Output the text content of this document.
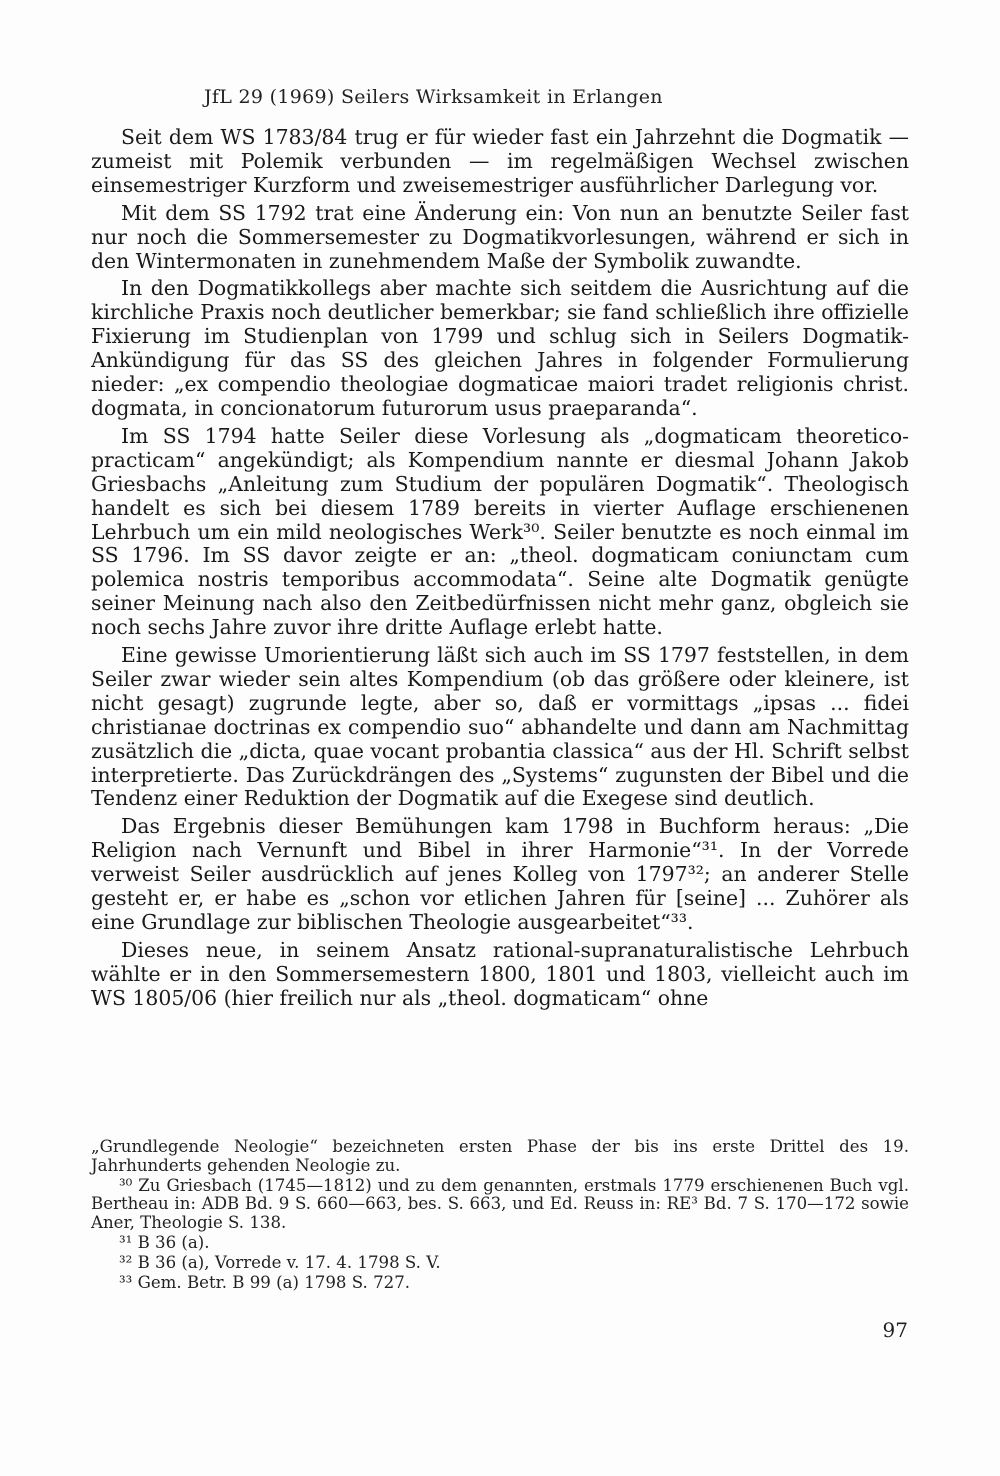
JfL 29 (1969) Seilers Wirksamkeit in Erlangen

Seit dem WS 1783/84 trug er für wieder fast ein Jahrzehnt die Dogmatik — zumeist mit Polemik verbunden — im regelmäßigen Wechsel zwischen einsemestriger Kurzform und zweisemestriger ausführlicher Darlegung vor.

Mit dem SS 1792 trat eine Änderung ein: Von nun an benutzte Seiler fast nur noch die Sommersemester zu Dogmatikvorlesungen, während er sich in den Wintermonaten in zunehmendem Maße der Symbolik zuwandte.

In den Dogmatikkollegs aber machte sich seitdem die Ausrichtung auf die kirchliche Praxis noch deutlicher bemerkbar; sie fand schließlich ihre offizielle Fixierung im Studienplan von 1799 und schlug sich in Seilers Dogmatik-Ankündigung für das SS des gleichen Jahres in folgender Formulierung nieder: „ex compendio theologiae dogmaticae maiori tradet religionis christ. dogmata, in concionatorum futurorum usus praeparanda“.

Im SS 1794 hatte Seiler diese Vorlesung als „dogmaticam theoretico-practicam“ angekündigt; als Kompendium nannte er diesmal Johann Jakob Griesbachs „Anleitung zum Studium der populären Dogmatik“. Theologisch handelt es sich bei diesem 1789 bereits in vierter Auflage erschienenen Lehrbuch um ein mild neologisches Werk³⁰. Seiler benutzte es noch einmal im SS 1796. Im SS davor zeigte er an: „theol. dogmaticam coniunctam cum polemica nostris temporibus accommodata“. Seine alte Dogmatik genügte seiner Meinung nach also den Zeitbedürfnissen nicht mehr ganz, obgleich sie noch sechs Jahre zuvor ihre dritte Auflage erlebt hatte.

Eine gewisse Umorientierung läßt sich auch im SS 1797 feststellen, in dem Seiler zwar wieder sein altes Kompendium (ob das größere oder kleinere, ist nicht gesagt) zugrunde legte, aber so, daß er vormittags „ipsas ... fidei christianae doctrinas ex compendio suo“ abhandelte und dann am Nachmittag zusätzlich die „dicta, quae vocant probantia classica“ aus der Hl. Schrift selbst interpretierte. Das Zurückdrängen des „Systems“ zugunsten der Bibel und die Tendenz einer Reduktion der Dogmatik auf die Exegese sind deutlich.

Das Ergebnis dieser Bemühungen kam 1798 in Buchform heraus: „Die Religion nach Vernunft und Bibel in ihrer Harmonie“³¹. In der Vorrede verweist Seiler ausdrücklich auf jenes Kolleg von 1797³²; an anderer Stelle gesteht er, er habe es „schon vor etlichen Jahren für [seine] ... Zuhörer als eine Grundlage zur biblischen Theologie ausgearbeitet“³³.

Dieses neue, in seinem Ansatz rational-supranaturalistische Lehrbuch wählte er in den Sommersemestern 1800, 1801 und 1803, vielleicht auch im WS 1805/06 (hier freilich nur als „theol. dogmaticam“ ohne

„Grundlegende Neologie“ bezeichneten ersten Phase der bis ins erste Drittel des 19. Jahrhunderts gehenden Neologie zu.

³⁰ Zu Griesbach (1745—1812) und zu dem genannten, erstmals 1779 erschienenen Buch vgl. Bertheau in: ADB Bd. 9 S. 660—663, bes. S. 663, und Ed. Reuss in: RE³ Bd. 7 S. 170—172 sowie Aner, Theologie S. 138.

³¹ B 36 (a).

³² B 36 (a), Vorrede v. 17. 4. 1798 S. V.

³³ Gem. Betr. B 99 (a) 1798 S. 727.

97
